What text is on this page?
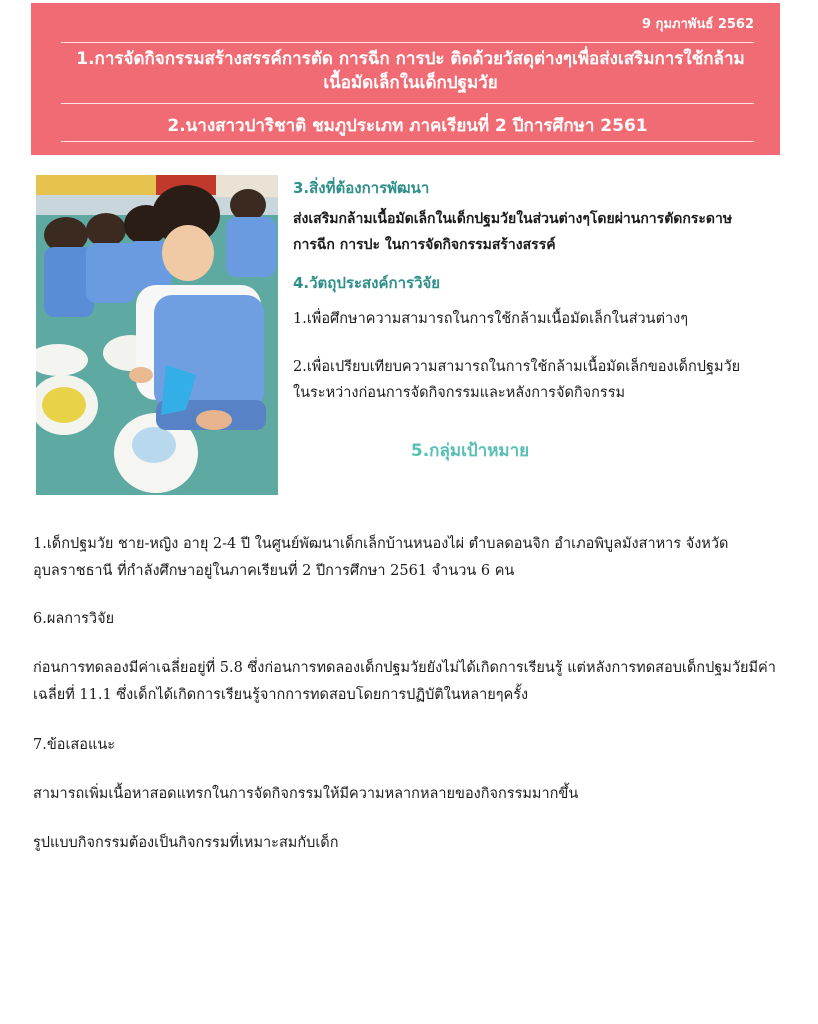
9 กุมภาพันธ์ 2562
1.การจัดกิจกรรมสร้างสรรค์การตัด การฉีก การปะ ติดด้วยวัสดุต่างๆเพื่อส่งเสริมการใช้กล้ามเนื้อมัดเล็กในเด็กปฐมวัย
2.นางสาวปาริชาติ ชมภูประเภท ภาคเรียนที่ 2 ปีการศึกษา 2561
3.สิ่งที่ต้องการพัฒนา
ส่งเสริมกล้ามเนื้อมัดเล็กในเด็กปฐมวัยในส่วนต่างๆโดยผ่านการตัดกระดาษ การฉีก การปะ ในการจัดกิจกรรมสร้างสรรค์
4.วัตถุประสงค์การวิจัย
1.เพื่อศึกษาความสามารถในการใช้กล้ามเนื้อมัดเล็กในส่วนต่างๆ
2.เพื่อเปรียบเทียบความสามารถในการใช้กล้ามเนื้อมัดเล็กของเด็กปฐมวัยในระหว่างก่อนการจัดกิจกรรมและหลังการจัดกิจกรรม
5.กลุ่มเป้าหมาย
1.เด็กปฐมวัย ชาย-หญิง อายุ 2-4 ปี ในศูนย์พัฒนาเด็กเล็กบ้านหนองไผ่ ตำบลดอนจิก อำเภอพิบูลมังสาหาร จังหวัดอุบลราชธานี ที่กำลังศึกษาอยู่ในภาคเรียนที่ 2 ปีการศึกษา 2561 จำนวน 6 คน
6.ผลการวิจัย
ก่อนการทดลองมีค่าเฉลี่ยอยู่ที่ 5.8 ซึ่งก่อนการทดลองเด็กปฐมวัยยังไม่ได้เกิดการเรียนรู้ แต่หลังการทดสอบเด็กปฐมวัยมีค่าเฉลี่ยที่ 11.1 ซึ่งเด็กได้เกิดการเรียนรู้จากการทดสอบโดยการปฏิบัติในหลายๆครั้ง
7.ข้อเสอแนะ
สามารถเพิ่มเนื้อหาสอดแทรกในการจัดกิจกรรมให้มีความหลากหลายของกิจกรรมมากขึ้น
รูปแบบกิจกรรมต้องเป็นกิจกรรมที่เหมาะสมกับเด็ก
